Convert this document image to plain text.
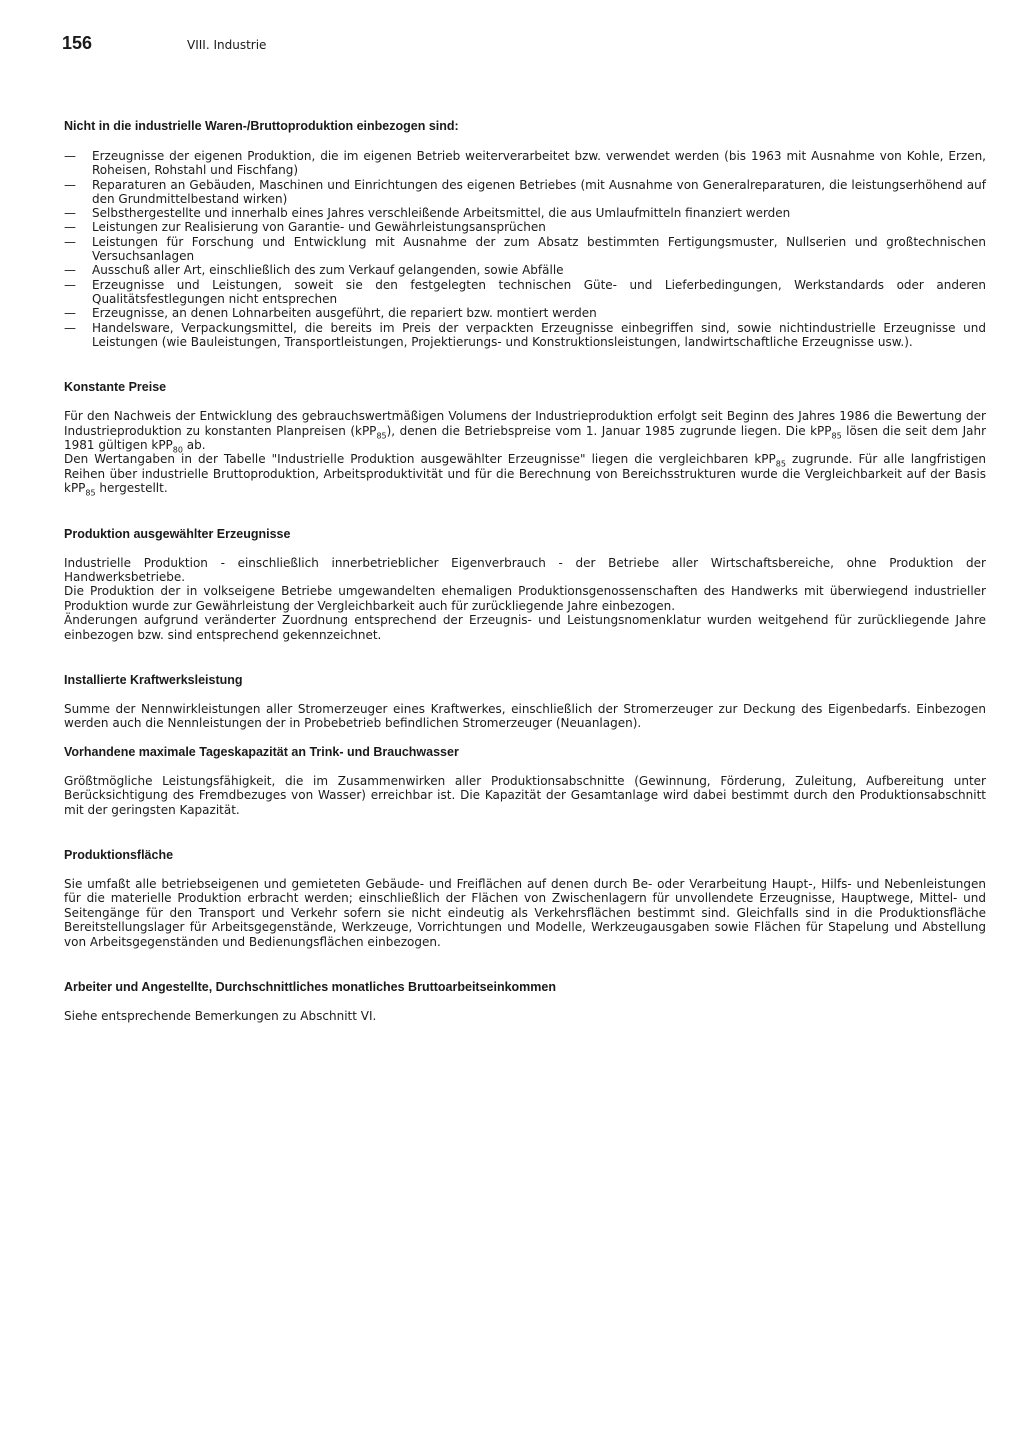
156	VIII. Industrie
Nicht in die industrielle Waren-/Bruttoproduktion einbezogen sind:
— Erzeugnisse der eigenen Produktion, die im eigenen Betrieb weiterverarbeitet bzw. verwendet werden (bis 1963 mit Ausnahme von Kohle, Erzen, Roheisen, Rohstahl und Fischfang)
— Reparaturen an Gebäuden, Maschinen und Einrichtungen des eigenen Betriebes (mit Ausnahme von Generalreparaturen, die leistungserhöhend auf den Grundmittelbestand wirken)
— Selbsthergestellte und innerhalb eines Jahres verschleißende Arbeitsmittel, die aus Umlaufmitteln finanziert werden
— Leistungen zur Realisierung von Garantie- und Gewährleistungsansprüchen
— Leistungen für Forschung und Entwicklung mit Ausnahme der zum Absatz bestimmten Fertigungsmuster, Nullserien und großtechnischen Versuchsanlagen
— Ausschuß aller Art, einschließlich des zum Verkauf gelangenden, sowie Abfälle
— Erzeugnisse und Leistungen, soweit sie den festgelegten technischen Güte- und Lieferbedingungen, Werkstandards oder anderen Qualitätsfestlegungen nicht entsprechen
— Erzeugnisse, an denen Lohnarbeiten ausgeführt, die repariert bzw. montiert werden
— Handelsware, Verpackungsmittel, die bereits im Preis der verpackten Erzeugnisse einbegriffen sind, sowie nichtindustrielle Erzeugnisse und Leistungen (wie Bauleistungen, Transportleistungen, Projektierungs- und Konstruktionsleistungen, landwirtschaftliche Erzeugnisse usw.).
Konstante Preise

Für den Nachweis der Entwicklung des gebrauchswertmäßigen Volumens der Industrieproduktion erfolgt seit Beginn des Jahres 1986 die Bewertung der Industrieproduktion zu konstanten Planpreisen (kPP$_{85}$), denen die Betriebspreise vom 1. Januar 1985 zugrunde liegen. Die kPP$_{85}$ lösen die seit dem Jahr 1981 gültigen kPP$_{80}$ ab.

Den Wertangaben in der Tabelle "Industrielle Produktion ausgewählter Erzeugnisse" liegen die vergleichbaren kPP$_{85}$ zugrunde. Für alle langfristigen Reihen über industrielle Bruttoproduktion, Arbeitsproduktivität und für die Berechnung von Bereichsstrukturen wurde die Vergleichbarkeit auf der Basis kPP$_{85}$ hergestellt.

Produktion ausgewählter Erzeugnisse

Industrielle Produktion - einschließlich innerbetrieblicher Eigenverbrauch - der Betriebe aller Wirtschaftsbereiche, ohne Produktion der Handwerksbetriebe.

Die Produktion der in volkseigene Betriebe umgewandelten ehemaligen Produktionsgenossenschaften des Handwerks mit überwiegend industrieller Produktion wurde zur Gewährleistung der Vergleichbarkeit auch für zurückliegende Jahre einbezogen.

Änderungen aufgrund veränderter Zuordnung entsprechend der Erzeugnis- und Leistungsnomenklatur wurden weitgehend für zurückliegende Jahre einbezogen bzw. sind entsprechend gekennzeichnet.

Installierte Kraftwerksleistung

Summe der Nennwirkleistungen aller Stromerzeuger eines Kraftwerkes, einschließlich der Stromerzeuger zur Deckung des Eigenbedarfs. Einbezogen werden auch die Nennleistungen der in Probebetrieb befindlichen Stromerzeuger (Neuanlagen).

Vorhandene maximale Tageskapazität an Trink- und Brauchwasser

Größtmögliche Leistungsfähigkeit, die im Zusammenwirken aller Produktionsabschnitte (Gewinnung, Förderung, Zuleitung, Aufbereitung unter Berücksichtigung des Fremdbezuges von Wasser) erreichbar ist. Die Kapazität der Gesamtanlage wird dabei bestimmt durch den Produktionsabschnitt mit der geringsten Kapazität.

Produktionsfläche

Sie umfaßt alle betriebseigenen und gemieteten Gebäude- und Freiflächen auf denen durch Be- oder Verarbeitung Haupt-, Hilfs- und Nebenleistungen für die materielle Produktion erbracht werden; einschließlich der Flächen von Zwischenlagern für unvollendete Erzeugnisse, Hauptwege, Mittel- und Seitengänge für den Transport und Verkehr sofern sie nicht eindeutig als Verkehrsflächen bestimmt sind. Gleichfalls sind in die Produktionsfläche Bereitstellungslager für Arbeitsgegenstände, Werkzeuge, Vorrichtungen und Modelle, Werkzeugausgaben sowie Flächen für Stapelung und Abstellung von Arbeitsgegenständen und Bedienungsflächen einbezogen.

Arbeiter und Angestellte, Durchschnittliches monatliches Bruttoarbeitseinkommen

Siehe entsprechende Bemerkungen zu Abschnitt VI.
